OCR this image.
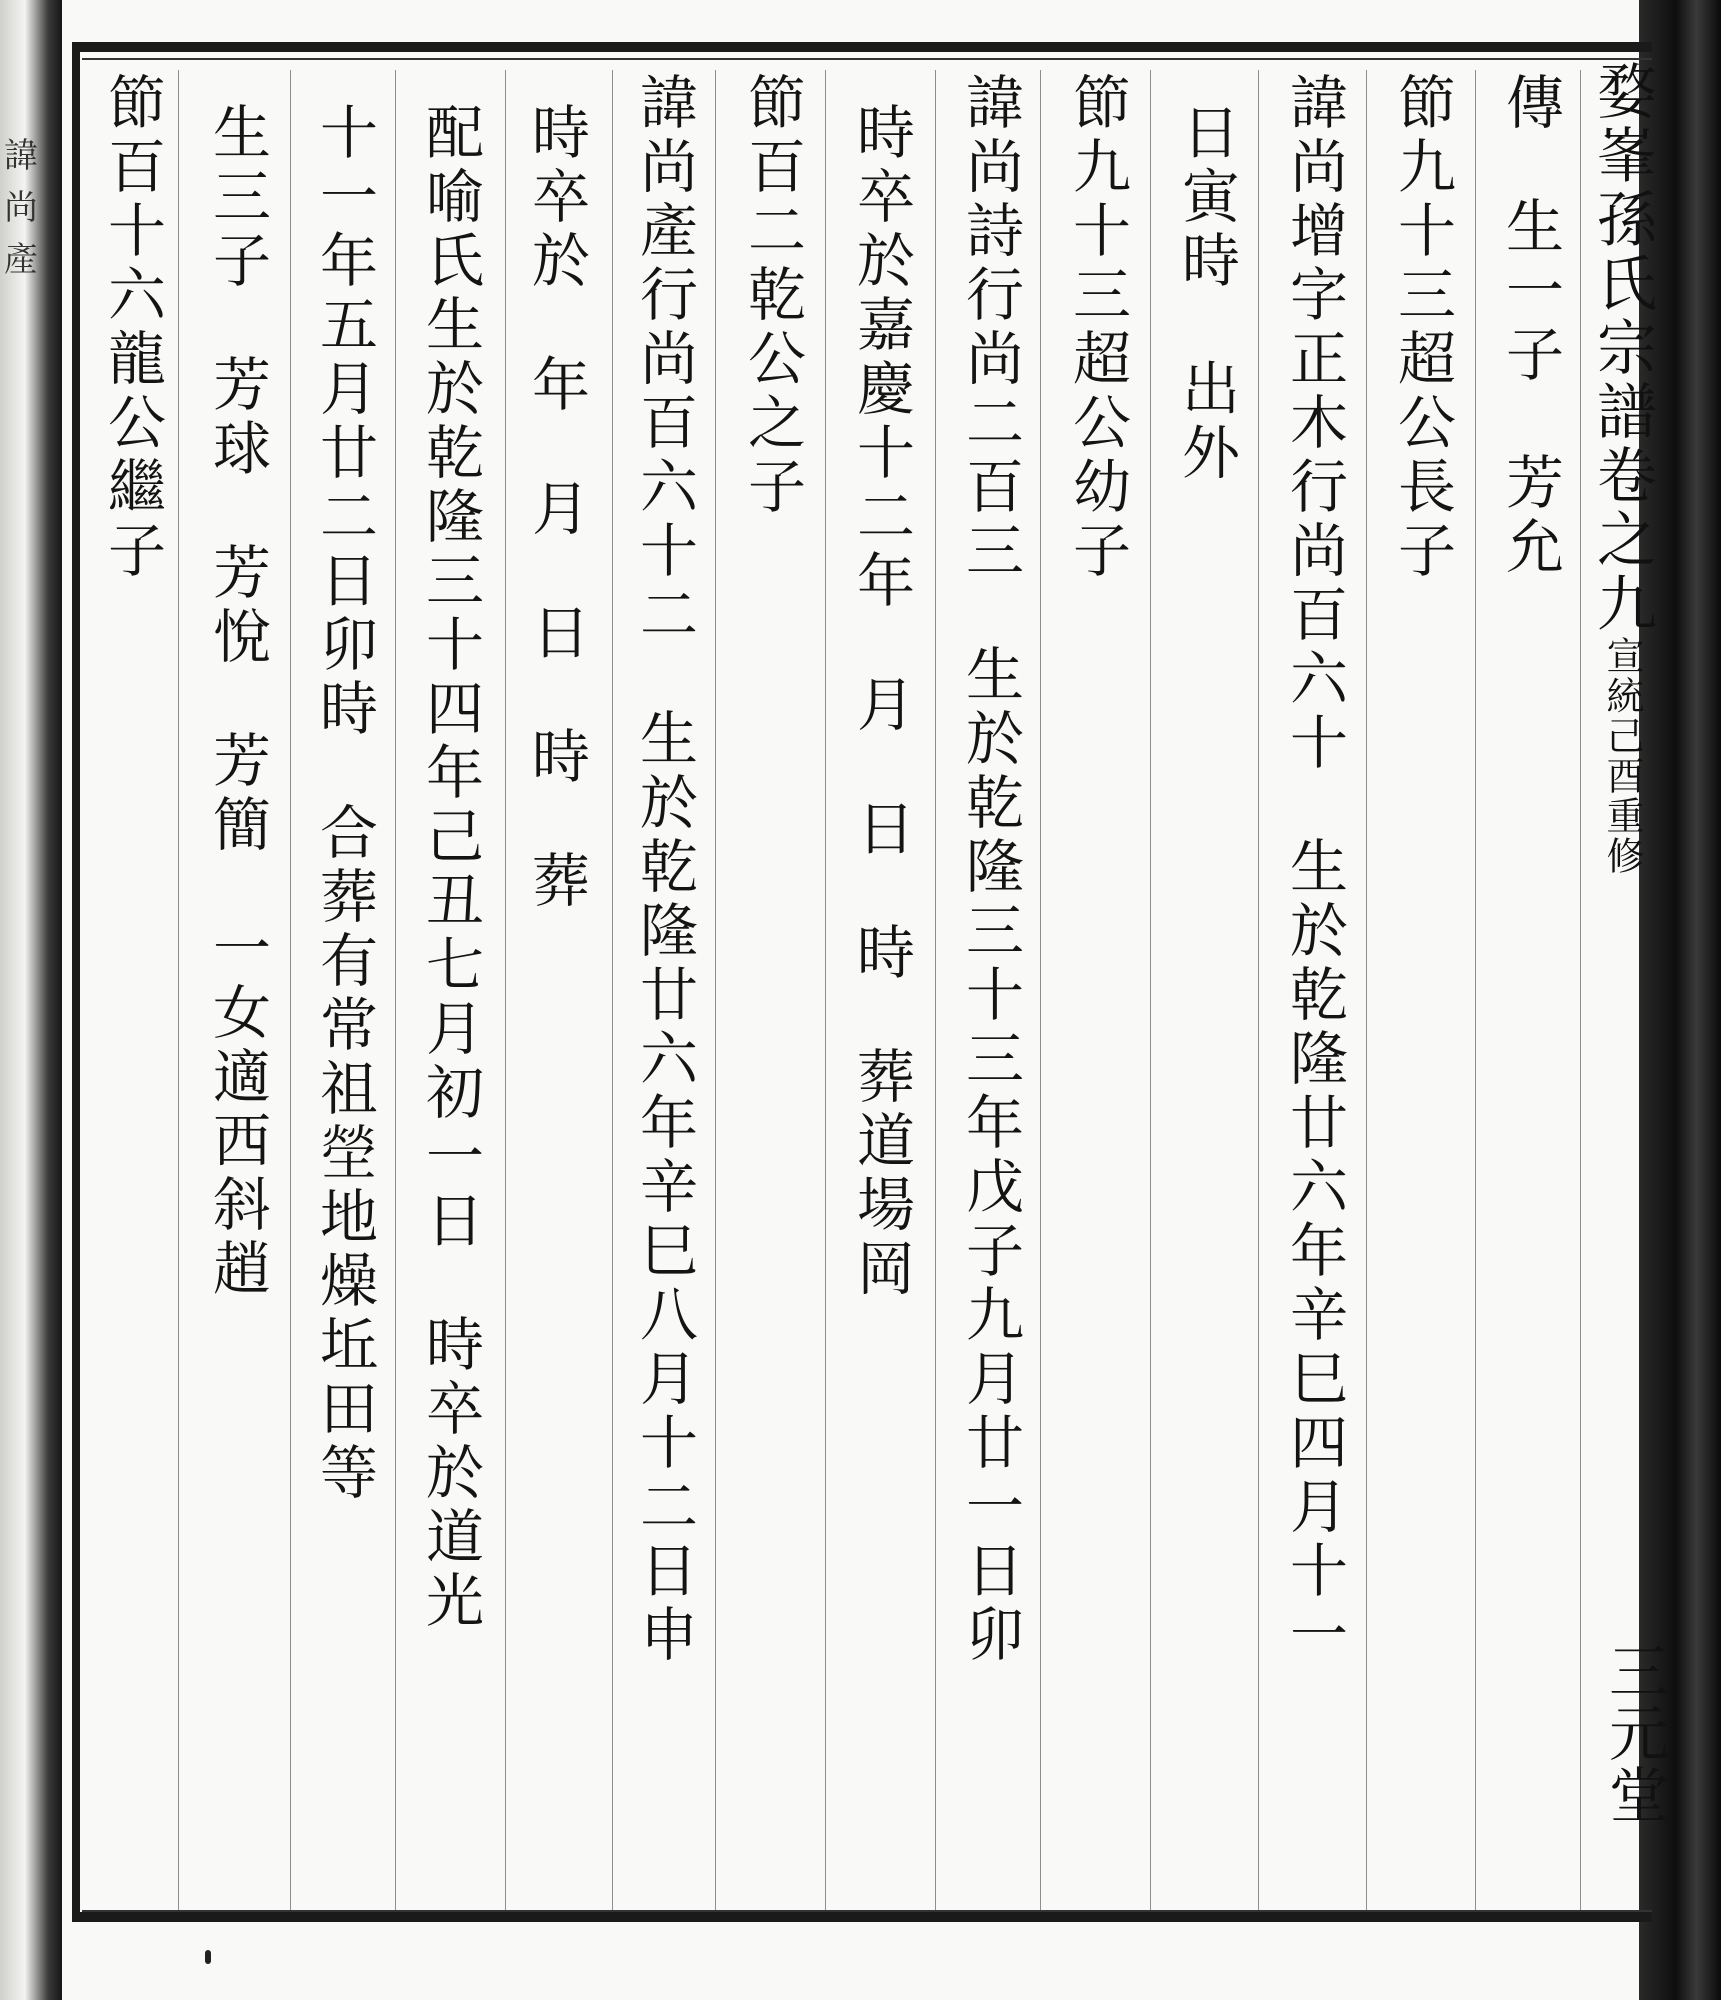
諱尚產
傳生一子　芳允
節九十三超公長子
諱尚增字正木行尚百六十生於乾隆廿六年辛巳四月十一
日寅時　出外
節九十三超公幼子
諱尚詩行尚二百三生於乾隆三十三年戊子九月廿一日卯
時卒於嘉慶十二年月日時葬道場岡
節百二乾公之子
諱尚產行尚百六十二生於乾隆廿六年辛巳八月十二日申
時卒於年月日時葬
配喻氏生於乾隆三十四年己丑七月初一日時卒於道光
十一年五月廿二日卯時合葬有常祖塋地燥坵田等
生三子芳球芳悅芳簡一女適西斜趙
節百十六龍公繼子	婺峯孫氏宗譜卷之九宣統己酉重修
三元堂
